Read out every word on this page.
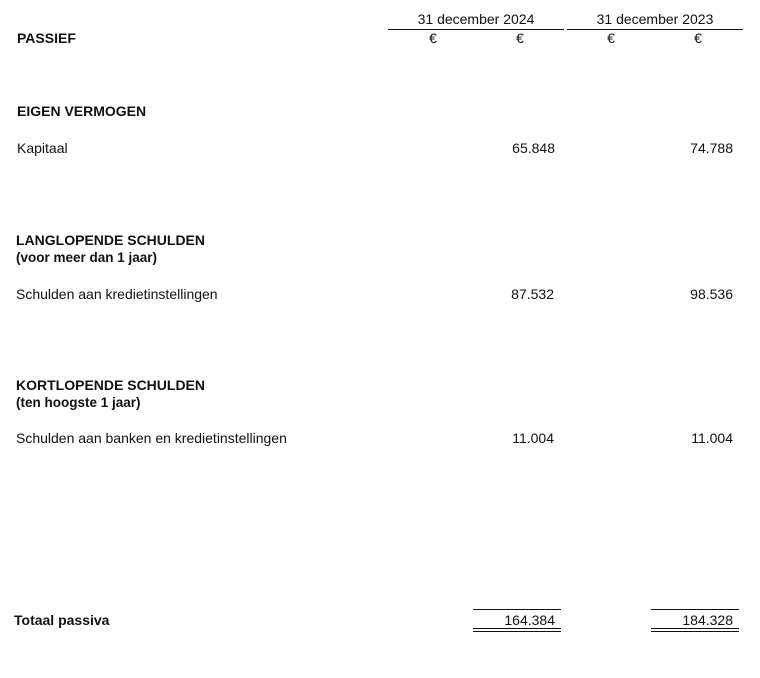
PASSIEF
31 december 2024
€	€
31 december 2023
€	€
EIGEN VERMOGEN
Kapitaal	65.848	74.788
LANGLOPENDE SCHULDEN
(voor meer dan 1 jaar)
Schulden aan kredietinstellingen	87.532	98.536
KORTLOPENDE SCHULDEN
(ten hoogste 1 jaar)
Schulden aan banken en kredietinstellingen	11.004	11.004
Totaal passiva	164.384	184.328
